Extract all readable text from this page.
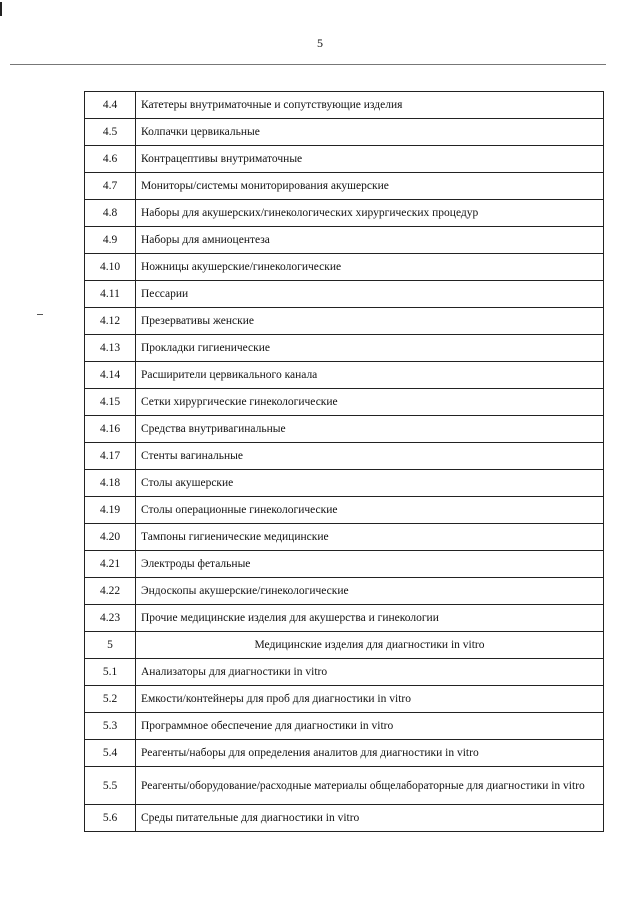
5
4.4	Катетеры внутриматочные и сопутствующие изделия
4.5	Колпачки цервикальные
4.6	Контрацептивы внутриматочные
4.7	Мониторы/системы мониторирования акушерские
4.8	Наборы для акушерских/гинекологических хирургических процедур
4.9	Наборы для амниоцентеза
4.10	Ножницы акушерские/гинекологические
4.11	Пессарии
4.12	Презервативы женские
4.13	Прокладки гигиенические
4.14	Расширители цервикального канала
4.15	Сетки хирургические гинекологические
4.16	Средства внутривагинальные
4.17	Стенты вагинальные
4.18	Столы акушерские
4.19	Столы операционные гинекологические
4.20	Тампоны гигиенические медицинские
4.21	Электроды фетальные
4.22	Эндоскопы акушерские/гинекологические
4.23	Прочие медицинские изделия для акушерства и гинекологии
5	Медицинские изделия для диагностики in vitro
5.1	Анализаторы для диагностики in vitro
5.2	Емкости/контейнеры для проб для диагностики in vitro
5.3	Программное обеспечение для диагностики in vitro
5.4	Реагенты/наборы для определения аналитов для диагностики in vitro
5.5	Реагенты/оборудование/расходные материалы общелабораторные для диагностики in vitro
5.6	Среды питательные для диагностики in vitro
